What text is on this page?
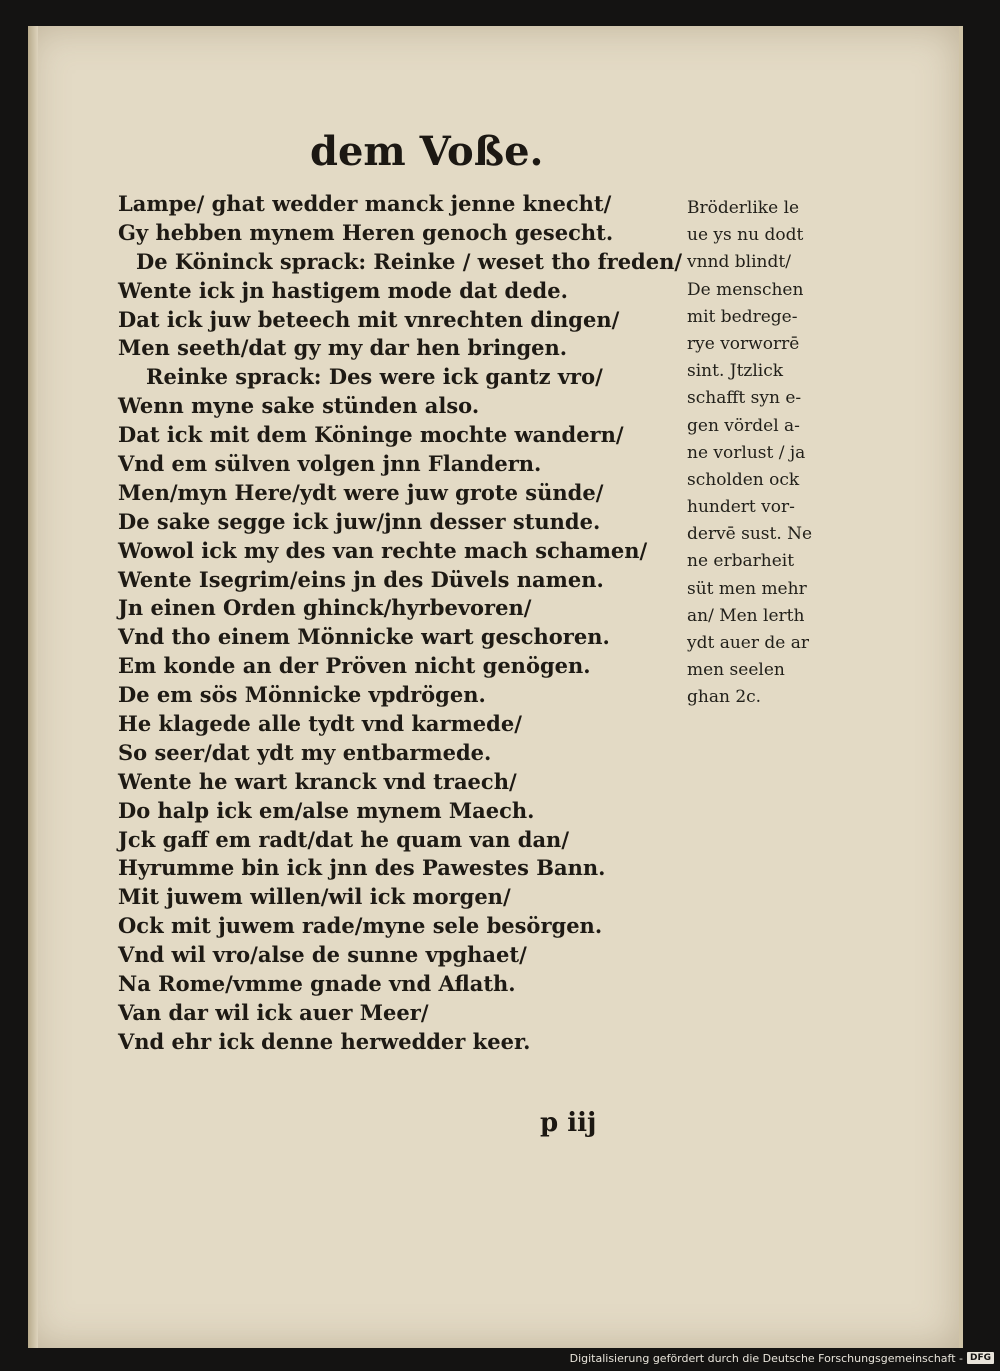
dem Voße.
Lampe/ ghat wedder manck jenne knecht/
Gy hebben mynem Heren genoch gesecht.
De Köninck sprack: Reinke / weset tho freden/
Wente ick jn hastigem mode dat dede.
Dat ick juw beteech mit vnrechten dingen/
Men seeth/dat gy my dar hen bringen.
Reinke sprack: Des were ick gantz vro/
Wenn myne sake stünden also.
Dat ick mit dem Köninge mochte wandern/
Vnd em sülven volgen jnn Flandern.
Men/myn Here/ydt were juw grote sünde/
De sake segge ick juw/jnn desser stunde.
Wowol ick my des van rechte mach schamen/
Wente Isegrim/eins jn des Düvels namen.
Jn einen Orden ghinck/hyrbevoren/
Vnd tho einem Mönnicke wart geschoren.
Em konde an der Pröven nicht genögen.
De em sös Mönnicke vpdrögen.
He klagede alle tydt vnd karmede/
So seer/dat ydt my entbarmede.
Wente he wart kranck vnd traech/
Do halp ick em/alse mynem Maech.
Jck gaff em radt/dat he quam van dan/
Hyrumme bin ick jnn des Pawestes Bann.
Mit juwem willen/wil ick morgen/
Ock mit juwem rade/myne sele besörgen.
Vnd wil vro/alse de sunne vpghaet/
Na Rome/vmme gnade vnd Aflath.
Van dar wil ick auer Meer/
Vnd ehr ick denne herwedder keer.
Bröderlike le
ue ys nu dodt
vnnd blindt/
De menschen
mit bedrege-
rye vorworrē
sint. Jtzlick
schafft syn e-
gen vördel a-
ne vorlust / ja
scholden ock
hundert vor-
dervē sust. Ne
ne erbarheit
süt men mehr
an/ Men lerth
ydt auer de ar
men seelen
ghan 2c.
p iij
Digitalisierung gefördert durch die Deutsche Forschungsgemeinschaft - DFG
